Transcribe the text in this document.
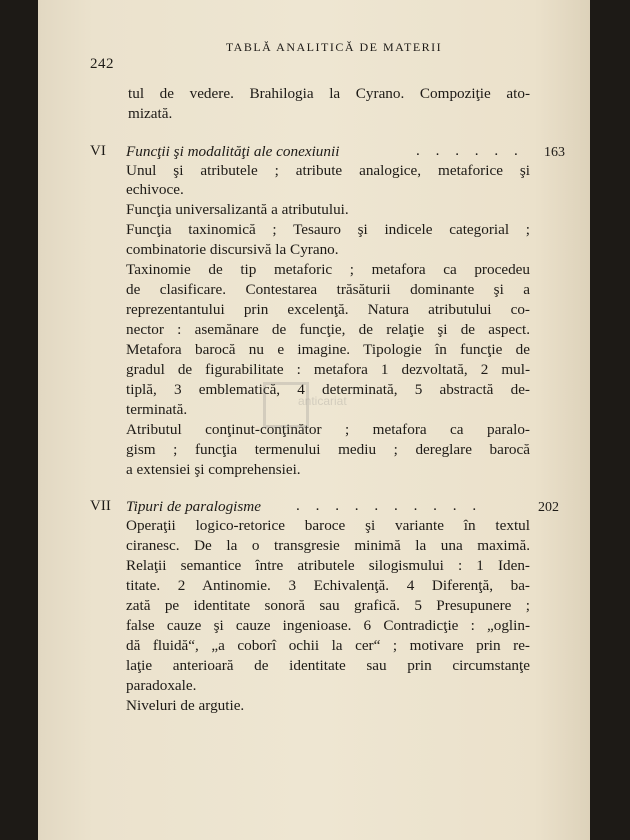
TABLĂ ANALITICĂ DE MATERII
242
tul de vedere. Brahilogia la Cyrano. Compoziţie ato-
mizată.
VI Funcţii şi modalităţi ale conexiunii	. . . . . . 163
Unul şi atributele ; atribute analogice, metaforice şi
echivoce.
Funcţia universalizantă a atributului.
Funcţia taxinomică ; Tesauro şi indicele categorial ;
combinatorie discursivă la Cyrano.
Taxinomie de tip metaforic ; metafora ca procedeu
de clasificare. Contestarea trăsăturii dominante şi a
reprezentantului prin excelenţă. Natura atributului co-
nector : asemănare de funcţie, de relaţie şi de aspect.
Metafora barocă nu e imagine. Tipologie în funcţie de
gradul de figurabilitate : metafora 1 dezvoltată, 2 mul-
tiplă, 3 emblematică, 4 determinată, 5 abstractă de-
terminată.
Atributul conţinut-conţinător ; metafora ca paralo-
gism ; funcţia termenului mediu ; dereglare barocă
a extensiei şi comprehensiei.
VII Tipuri de paralogisme . . . . . . . . . .	202
Operaţii logico-retorice baroce şi variante în textul
ciranesc. De la o transgresie minimă la una maximă.
Relaţii semantice între atributele silogismului : 1 Iden-
titate. 2 Antinomie. 3 Echivalenţă. 4 Diferenţă, ba-
zată pe identitate sonoră sau grafică. 5 Presupunere ;
false cauze şi cauze ingenioase. 6 Contradicţie : „oglin-
dă fluidă“, „a coborî ochii la cer“ ; motivare prin re-
laţie anterioară de identitate sau prin circumstanţe
paradoxale.
Niveluri de argutie.
anticariat
